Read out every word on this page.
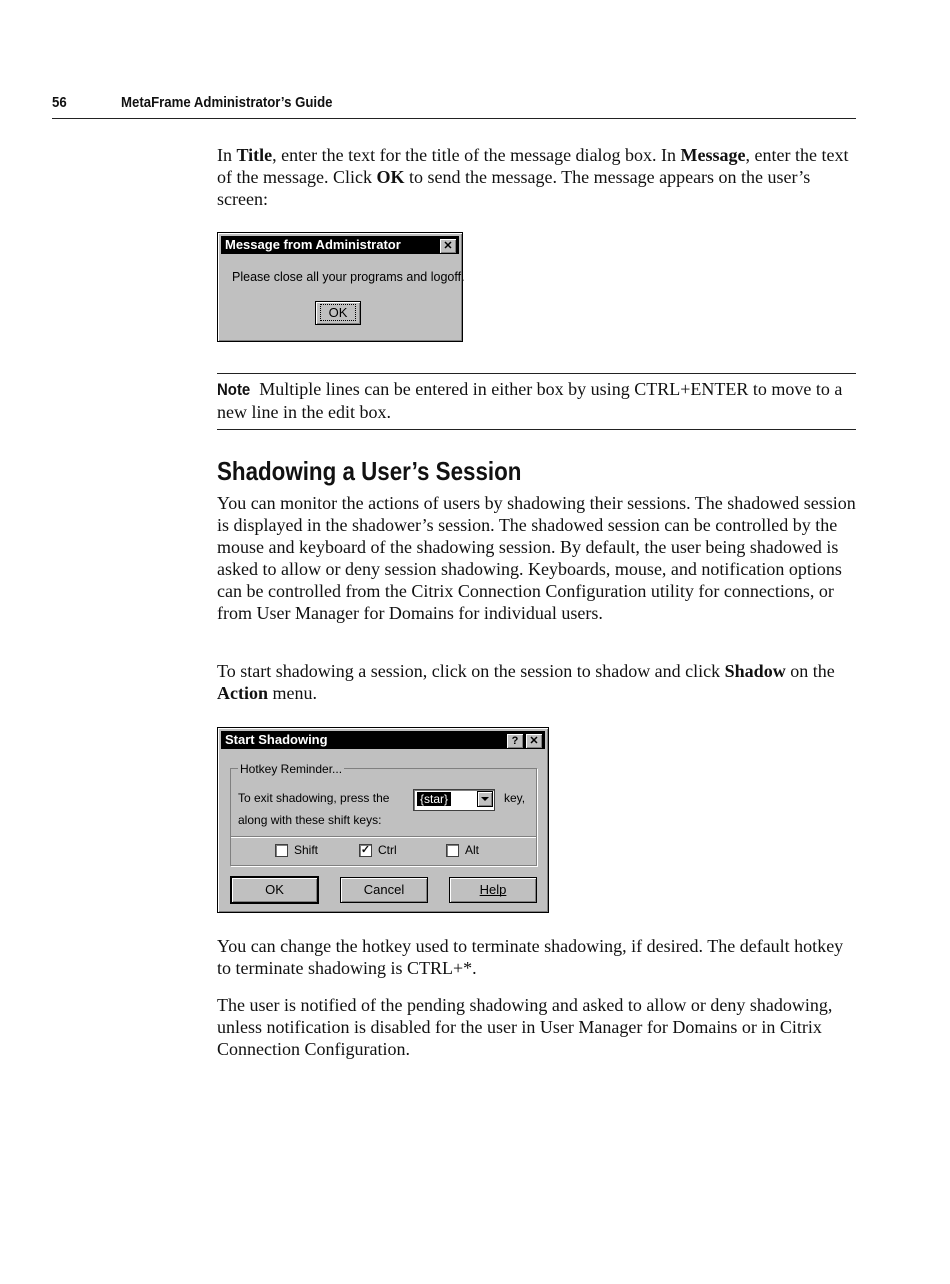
56	MetaFrame Administrator’s Guide

In Title, enter the text for the title of the message dialog box. In Message, enter the text of the message. Click OK to send the message. The message appears on the user’s screen:

Message from Administrator	✕
Please close all your programs and logoff.
OK

Note Multiple lines can be entered in either box by using CTRL+ENTER to move to a new line in the edit box.

Shadowing a User’s Session

You can monitor the actions of users by shadowing their sessions. The shadowed session is displayed in the shadower’s session. The shadowed session can be controlled by the mouse and keyboard of the shadowing session. By default, the user being shadowed is asked to allow or deny session shadowing. Keyboards, mouse, and notification options can be controlled from the Citrix Connection Configuration utility for connections, or from User Manager for Domains for individual users.

To start shadowing a session, click on the session to shadow and click Shadow on the Action menu.

Start Shadowing	?	✕
Hotkey Reminder...
To exit shadowing, press the
along with these shift keys:
{star}	key,
Shift	✓ Ctrl	Alt
OK	Cancel	Help

You can change the hotkey used to terminate shadowing, if desired. The default hotkey to terminate shadowing is CTRL+*.

The user is notified of the pending shadowing and asked to allow or deny shadowing, unless notification is disabled for the user in User Manager for Domains or in Citrix Connection Configuration.
